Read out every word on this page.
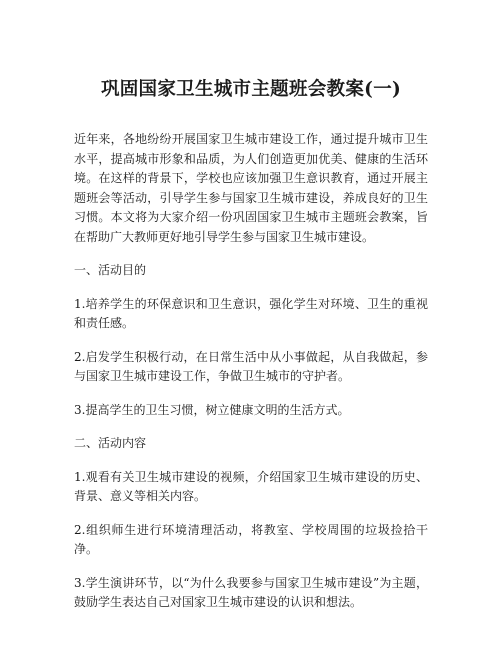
巩固国家卫生城市主题班会教案(一)

近年来，各地纷纷开展国家卫生城市建设工作，通过提升城市卫生水平，提高城市形象和品质，为人们创造更加优美、健康的生活环境。在这样的背景下，学校也应该加强卫生意识教育，通过开展主题班会等活动，引导学生参与国家卫生城市建设，养成良好的卫生习惯。本文将为大家介绍一份巩固国家卫生城市主题班会教案，旨在帮助广大教师更好地引导学生参与国家卫生城市建设。

一、活动目的

1.培养学生的环保意识和卫生意识，强化学生对环境、卫生的重视和责任感。

2.启发学生积极行动，在日常生活中从小事做起，从自我做起，参与国家卫生城市建设工作，争做卫生城市的守护者。

3.提高学生的卫生习惯，树立健康文明的生活方式。

二、活动内容

1.观看有关卫生城市建设的视频，介绍国家卫生城市建设的历史、背景、意义等相关内容。

2.组织师生进行环境清理活动，将教室、学校周围的垃圾捡拾干净。

3.学生演讲环节，以“为什么我要参与国家卫生城市建设”为主题，鼓励学生表达自己对国家卫生城市建设的认识和想法。
